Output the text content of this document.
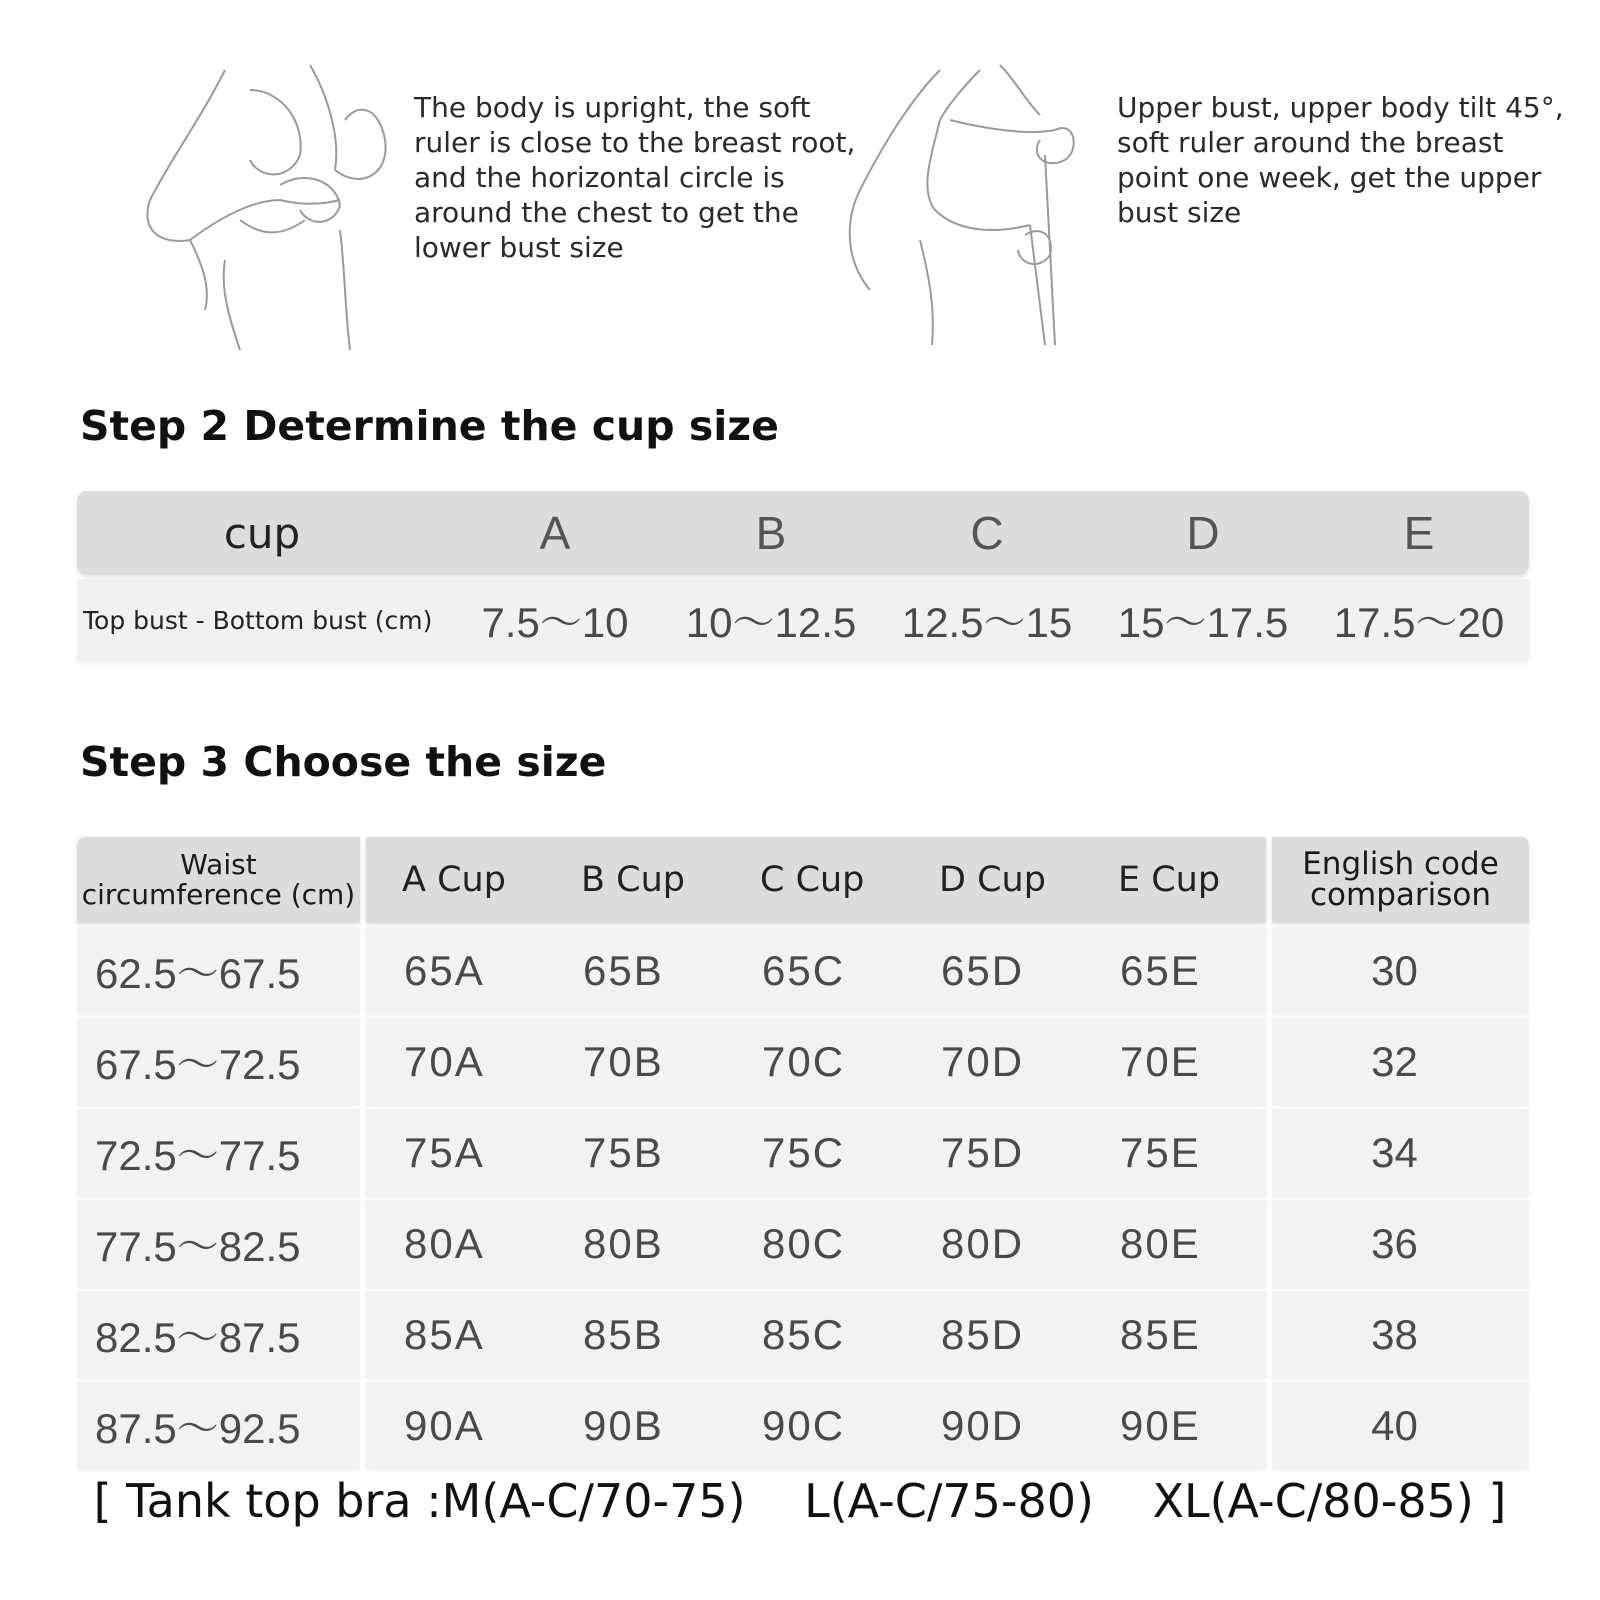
The body is upright, the soft
ruler is close to the breast root,
and the horizontal circle is
around the chest to get the
lower bust size

Upper bust, upper body tilt 45°,
soft ruler around the breast
point one week, get the upper
bust size

Step 2 Determine the cup size
cup	A	B	C	D	E
Top bust - Bottom bust (cm)	7.5～10	10～12.5	12.5～15	15～17.5	17.5～20
Step 3 Choose the size
Waist
circumference (cm)	A Cup	B Cup	C Cup	D Cup	E Cup	English code
comparison
62.5～67.5	65A	65B	65C	65D	65E	30
67.5～72.5	70A	70B	70C	70D	70E	32
72.5～77.5	75A	75B	75C	75D	75E	34
77.5～82.5	80A	80B	80C	80D	80E	36
82.5～87.5	85A	85B	85C	85D	85E	38
87.5～92.5	90A	90B	90C	90D	90E	40

[ Tank top bra :M(A-C/70-75)    L(A-C/75-80)    XL(A-C/80-85) ]
